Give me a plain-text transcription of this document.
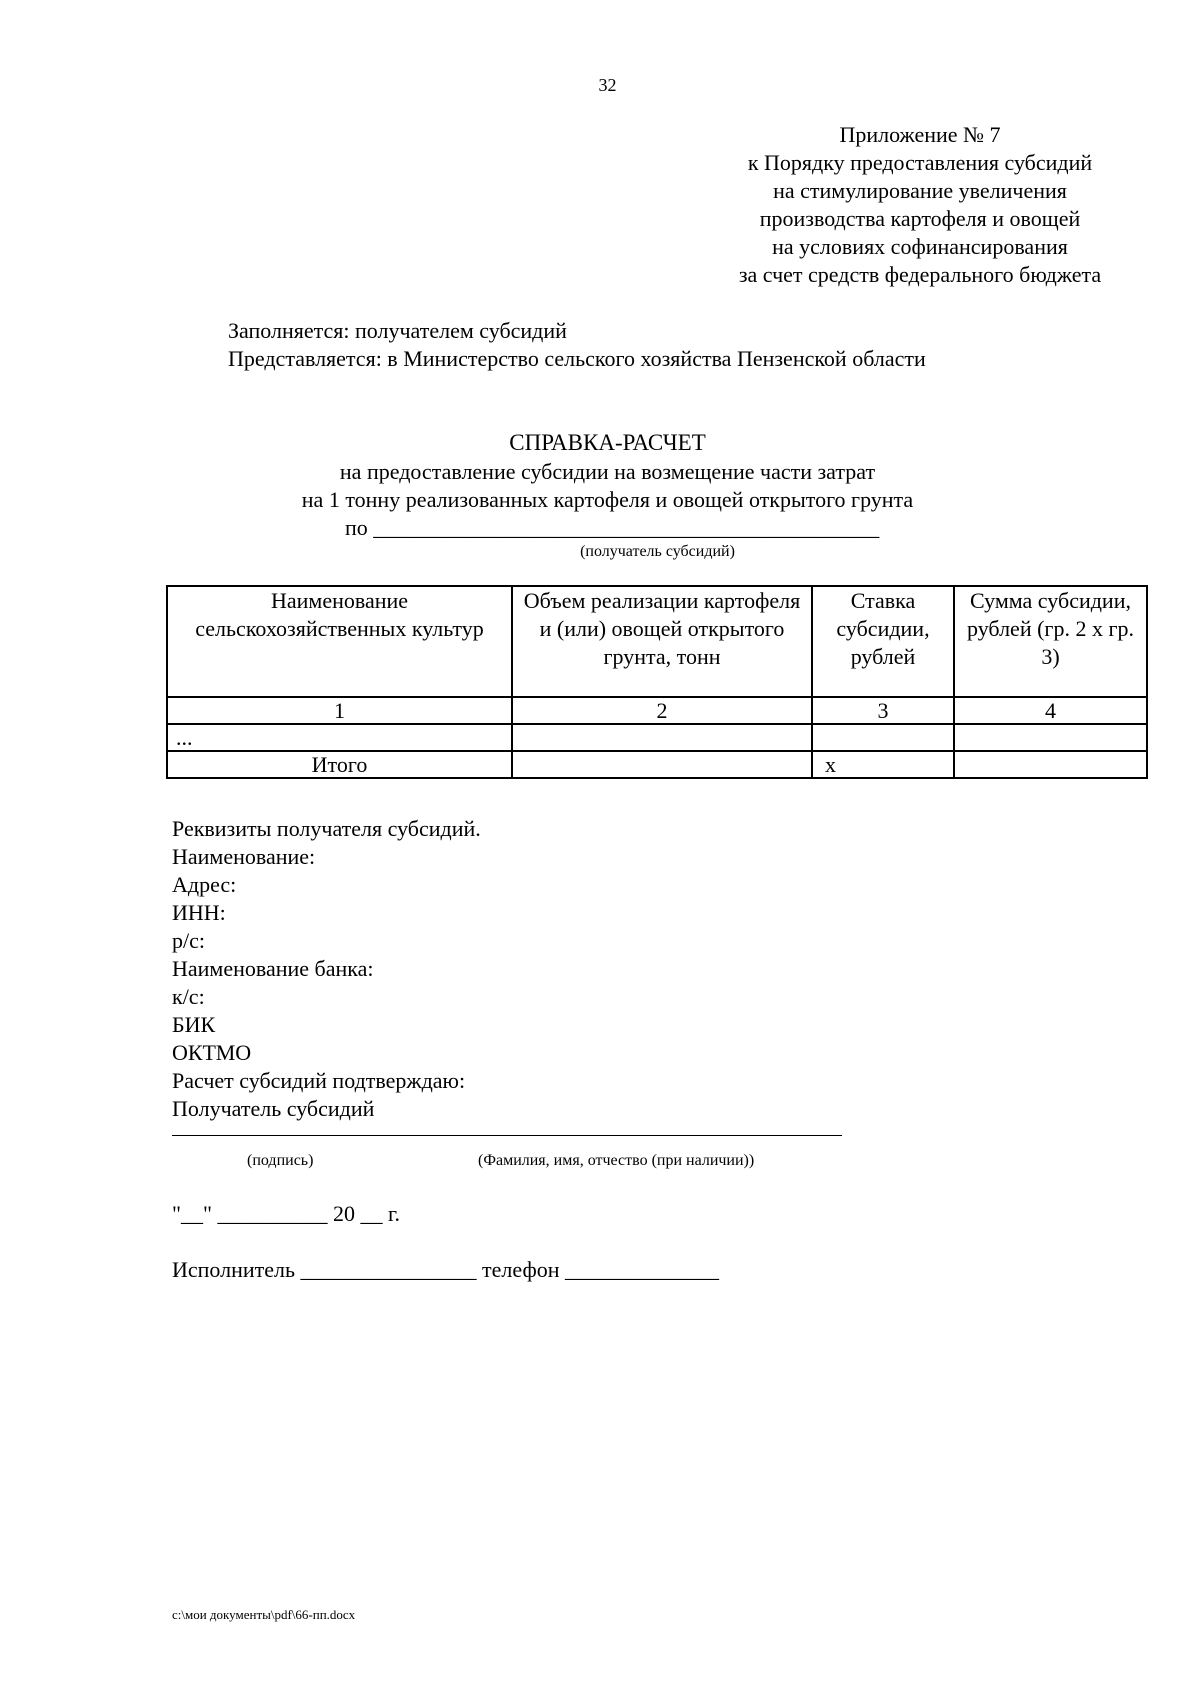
32
Приложение № 7
к Порядку предоставления субсидий
на стимулирование увеличения
производства картофеля и овощей
на условиях софинансирования
за счет средств федерального бюджета
Заполняется: получателем субсидий
Представляется: в Министерство сельского хозяйства Пензенской области
СПРАВКА-РАСЧЕТ
на предоставление субсидии на возмещение части затрат
на 1 тонну реализованных картофеля и овощей открытого грунта
по ______________________________________________
(получатель субсидий)
Наименование сельскохозяйственных культур	Объем реализации картофеля и (или) овощей открытого грунта, тонн	Ставка субсидии, рублей	Сумма субсидии, рублей (гр. 2 x гр. 3)
1	2	3	4
...			
Итого		x	
Реквизиты получателя субсидий.
Наименование:
Адрес:
ИНН:
р/с:
Наименование банка:
к/с:
БИК
ОКТМО
Расчет субсидий подтверждаю:
Получатель субсидий
(подпись)	(Фамилия, имя, отчество (при наличии))
"__" __________ 20 __ г.
Исполнитель ________________ телефон ______________
c:\мои документы\pdf\66-пп.docx
